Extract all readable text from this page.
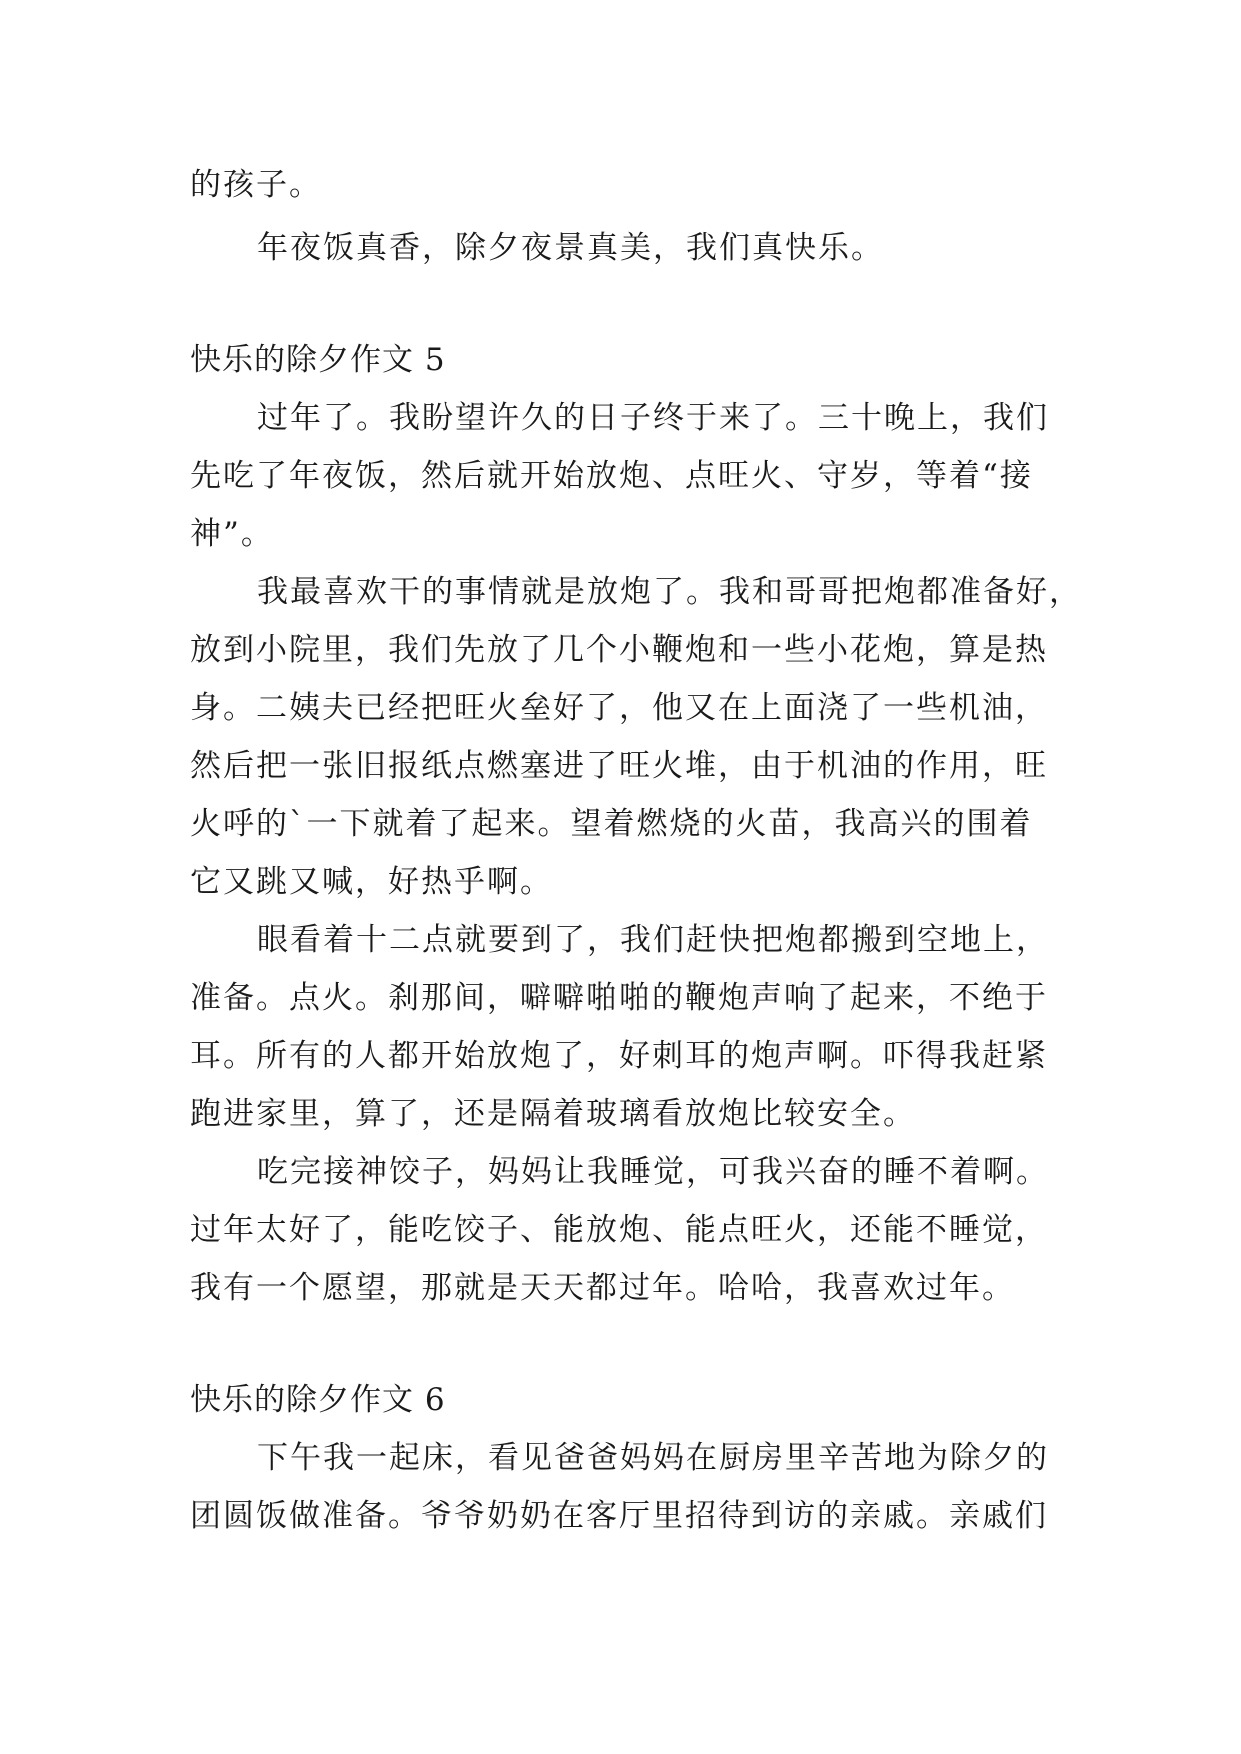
的孩子。
年夜饭真香，除夕夜景真美，我们真快乐。
快乐的除夕作文 5
过年了。我盼望许久的日子终于来了。三十晚上，我们
先吃了年夜饭，然后就开始放炮、点旺火、守岁，等着“接
神”。
我最喜欢干的事情就是放炮了。我和哥哥把炮都准备好，
放到小院里，我们先放了几个小鞭炮和一些小花炮，算是热
身。二姨夫已经把旺火垒好了，他又在上面浇了一些机油，
然后把一张旧报纸点燃塞进了旺火堆，由于机油的作用，旺
火呼的`一下就着了起来。望着燃烧的火苗，我高兴的围着
它又跳又喊，好热乎啊。
眼看着十二点就要到了，我们赶快把炮都搬到空地上，
准备。点火。刹那间，噼噼啪啪的鞭炮声响了起来，不绝于
耳。所有的人都开始放炮了，好刺耳的炮声啊。吓得我赶紧
跑进家里，算了，还是隔着玻璃看放炮比较安全。
吃完接神饺子，妈妈让我睡觉，可我兴奋的睡不着啊。
过年太好了，能吃饺子、能放炮、能点旺火，还能不睡觉，
我有一个愿望，那就是天天都过年。哈哈，我喜欢过年。
快乐的除夕作文 6
下午我一起床，看见爸爸妈妈在厨房里辛苦地为除夕的
团圆饭做准备。爷爷奶奶在客厅里招待到访的亲戚。亲戚们
